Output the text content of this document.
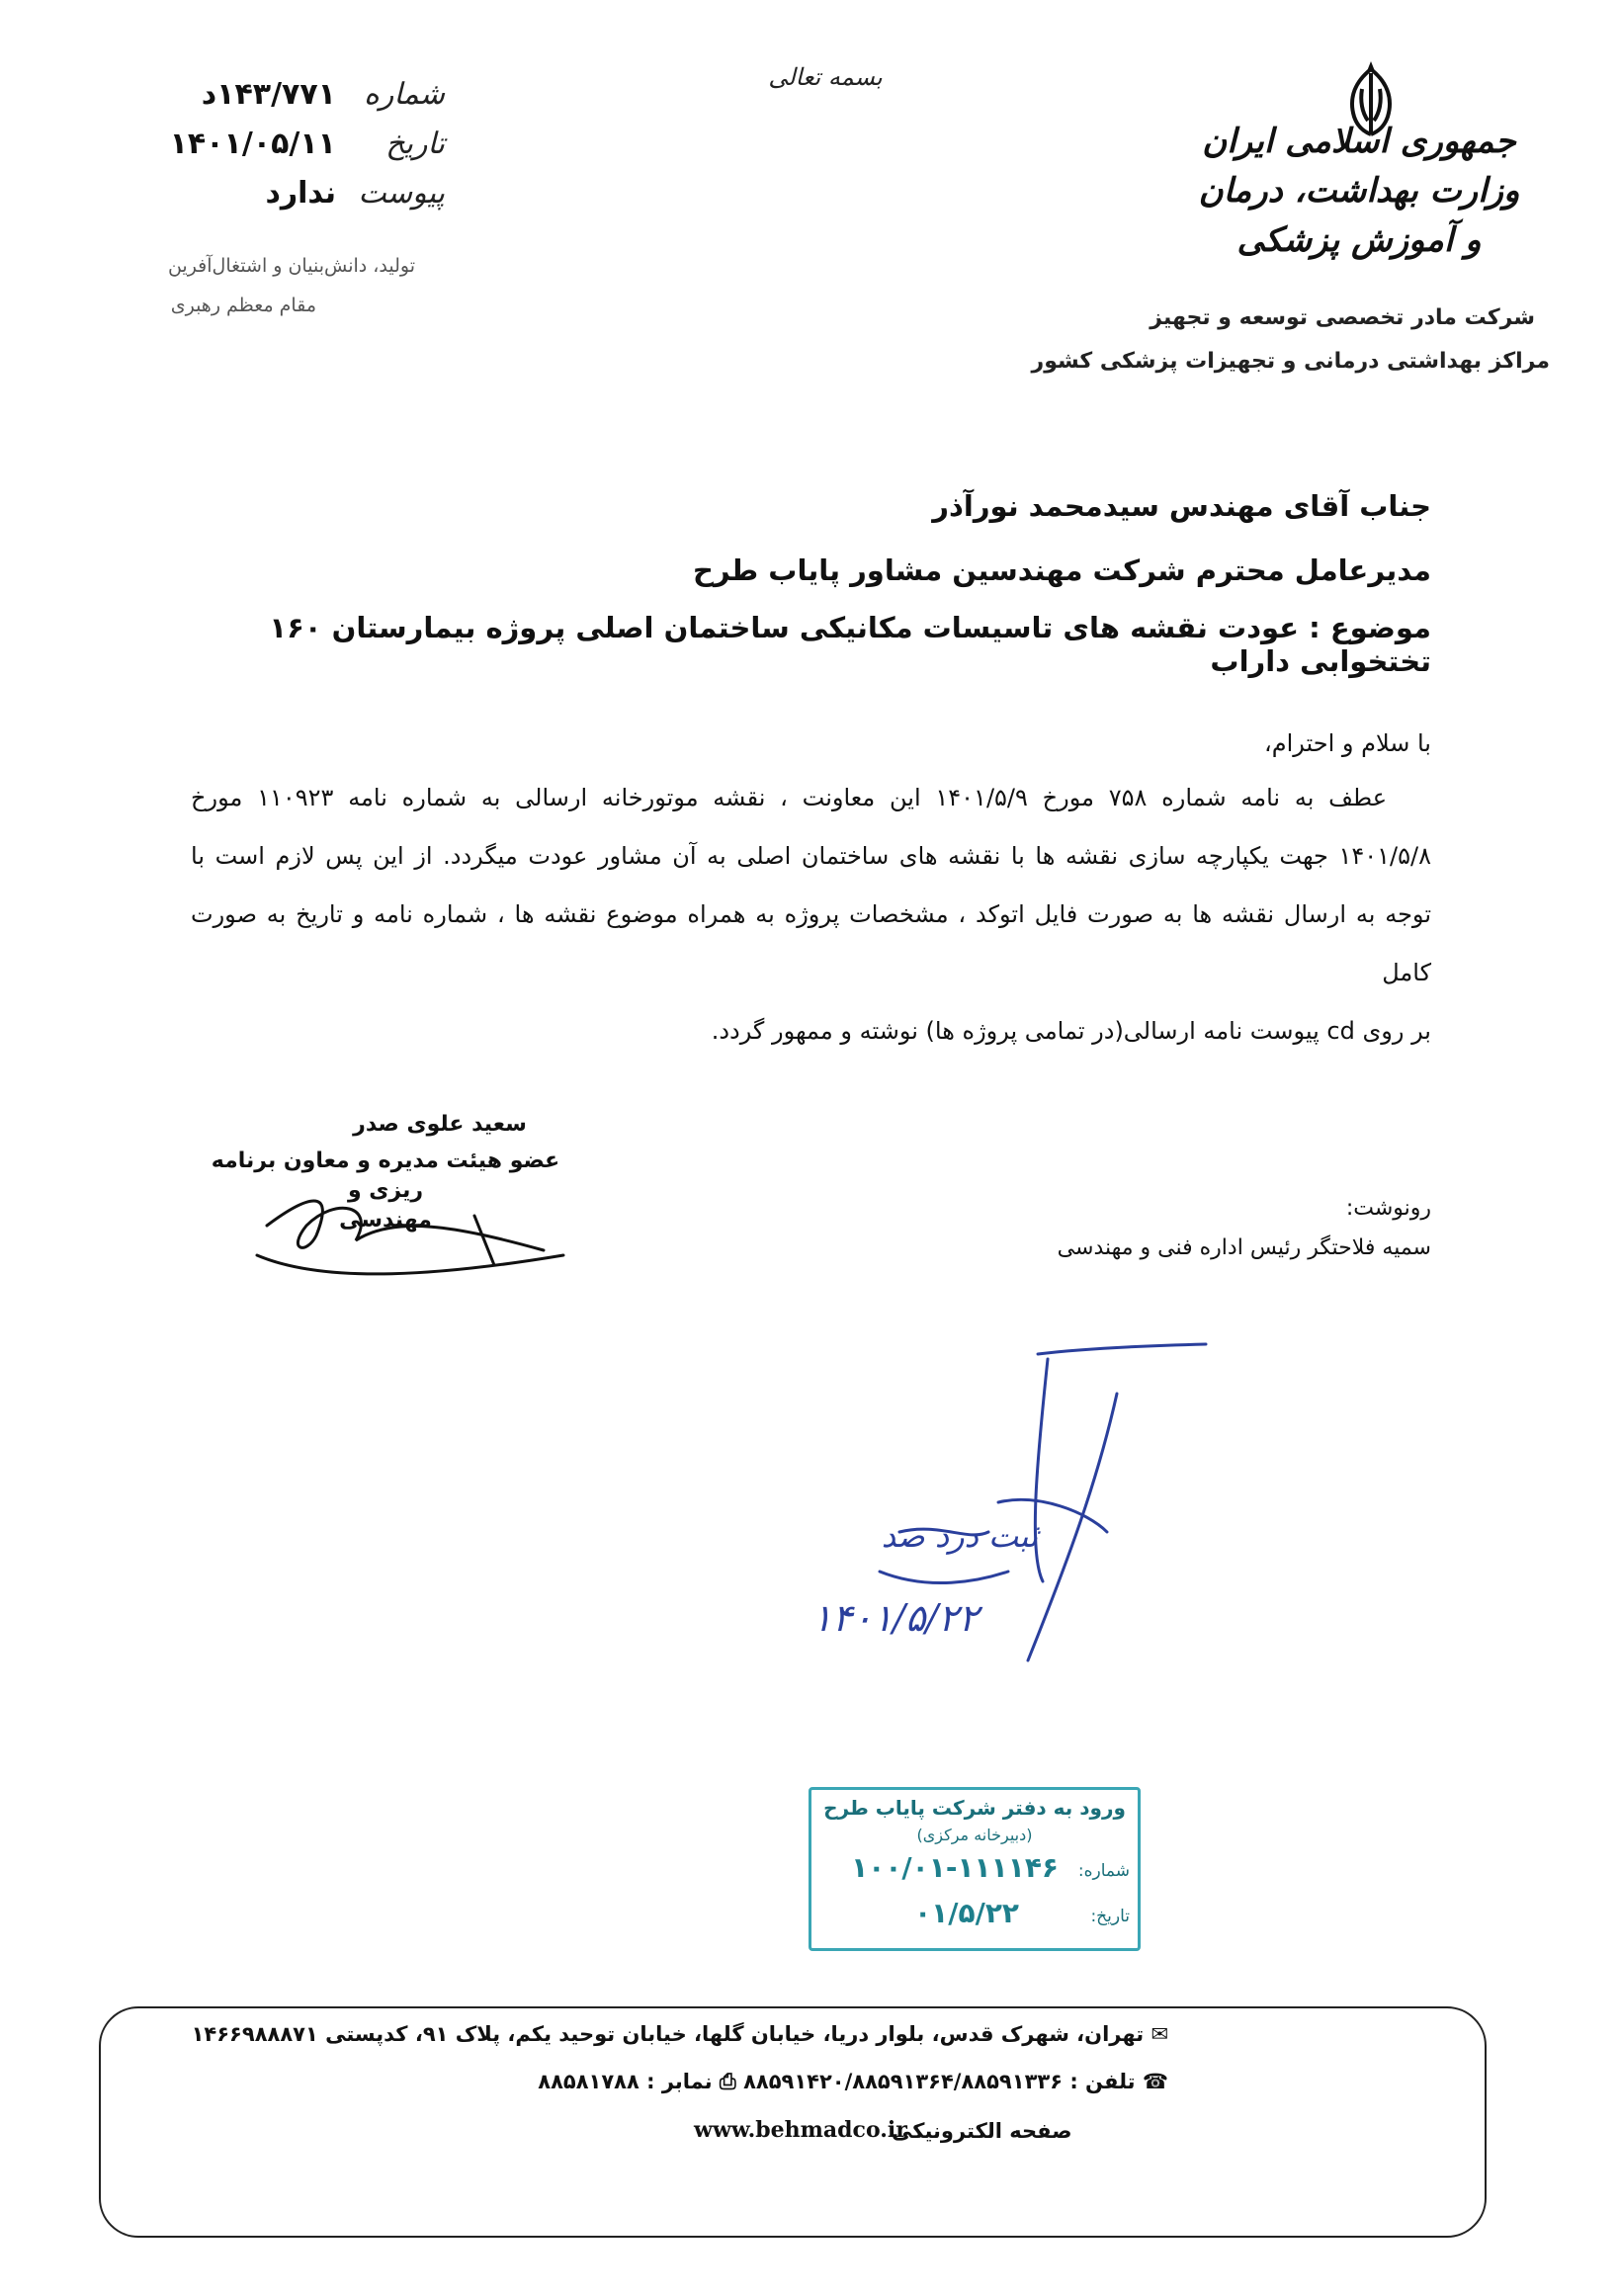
شماره
۱۴۳/۷۷۱د
تاریخ
۱۴۰۱/۰۵/۱۱
پیوست
ندارد
تولید، دانش‌بنیان و اشتغال‌آفرین
مقام معظم رهبری
بسمه تعالی
جمهوری اسلامی ایران
وزارت بهداشت، درمان و آموزش پزشکی
شرکت مادر تخصصی توسعه و تجهیز
مراکز بهداشتی درمانی و تجهیزات پزشکی کشور
جناب آقای مهندس سیدمحمد نورآذر
مدیرعامل محترم شرکت مهندسین مشاور پایاب طرح
موضوع : عودت نقشه های تاسیسات مکانیکی ساختمان اصلی پروژه بیمارستان ۱۶۰ تختخوابی داراب
با سلام و احترام،

عطف به نامه شماره ۷۵۸ مورخ ۱۴۰۱/۵/۹ این معاونت ، نقشه موتورخانه ارسالی به شماره نامه ۱۱۰۹۲۳ مورخ

۱۴۰۱/۵/۸ جهت یکپارچه سازی نقشه ها با نقشه های ساختمان اصلی به آن مشاور عودت میگردد. از این پس لازم است با

توجه به ارسال نقشه ها به صورت فایل اتوکد ، مشخصات پروژه به همراه موضوع نقشه ها ، شماره نامه و تاریخ به صورت کامل

بر روی cd پیوست نامه ارسالی(در تمامی پروژه ها) نوشته و ممهور گردد.

سعید علوی صدر
عضو هیئت مدیره و معاون برنامه ریزی و
مهندسی	رونوشت:
سمیه فلاحتگر رئیس اداره فنی و مهندسی
ثبت درد صد
۱۴۰۱/۵/۲۲
ورود به دفتر شرکت پایاب طرح
(دبیرخانه مرکزی)
شماره:
۱۰۰/۰۱-۱۱۱۱۴۶
تاریخ:
۰۱/۵/۲۲
✉ تهران، شهرک قدس، بلوار دریا، خیابان گلها، خیابان توحید یکم، پلاک ۹۱، کدپستی ۱۴۶۶۹۸۸۸۷۱
☎ تلفن : ۸۸۵۹۱۴۲۰/۸۸۵۹۱۳۶۴/۸۸۵۹۱۳۳۶ ⎙ نمابر : ۸۸۵۸۱۷۸۸
صفحه الکترونیکی
www.behmadco.ir
